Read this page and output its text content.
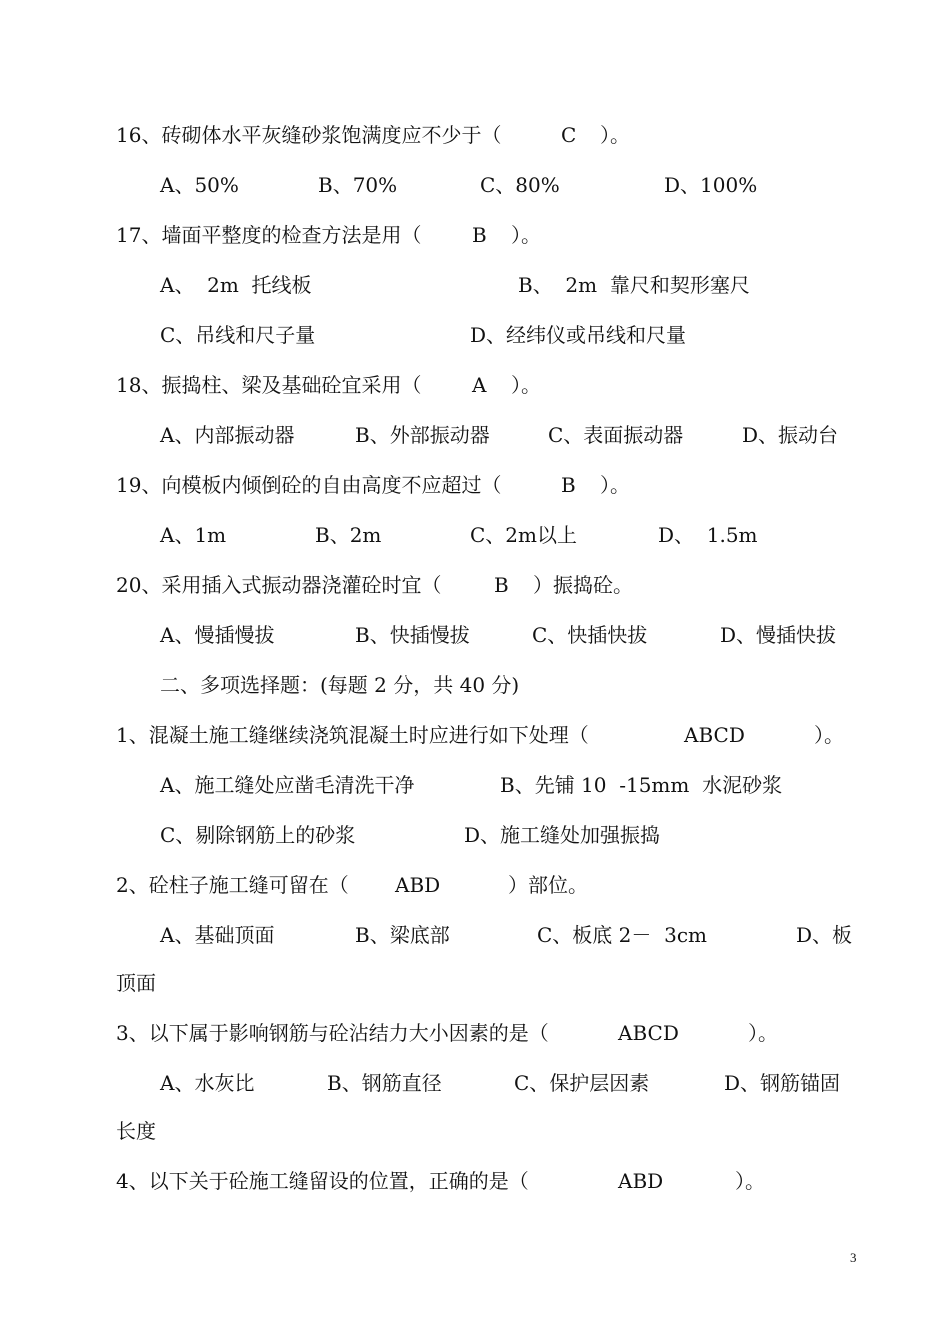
16、砖砌体水平灰缝砂浆饱满度应不少于（	C ）。
A、50%	B、70%	C、80%	D、100%
17、墙面平整度的检查方法是用（	B ）。
A、  2m  托线板	B、  2m  靠尺和契形塞尺
C、吊线和尺子量	D、经纬仪或吊线和尺量
18、振捣柱、梁及基础砼宜采用（	A ）。
A、内部振动器	B、外部振动器	C、表面振动器	D、振动台
19、向模板内倾倒砼的自由高度不应超过（	B ）。
A、1m	B、2m	C、2m以上	D、  1.5m
20、采用插入式振动器浇灌砼时宜（	B ）振捣砼。
A、慢插慢拔	B、快插慢拔	C、快插快拔	D、慢插快拔
二、多项选择题：(每题 2 分，共 40 分)
1、混凝土施工缝继续浇筑混凝土时应进行如下处理（	ABCD	）。
A、施工缝处应凿毛清洗干净	B、先铺 10  -15mm  水泥砂浆
C、剔除钢筋上的砂浆	D、施工缝处加强振捣
2、砼柱子施工缝可留在（ ABD	）部位。
A、基础顶面	B、梁底部	C、板底 2－  3cm	D、板
顶面
3、以下属于影响钢筋与砼沾结力大小因素的是（	ABCD	）。
A、水灰比	B、钢筋直径	C、保护层因素	D、钢筋锚固
长度
4、以下关于砼施工缝留设的位置，正确的是（	ABD	）。
3
